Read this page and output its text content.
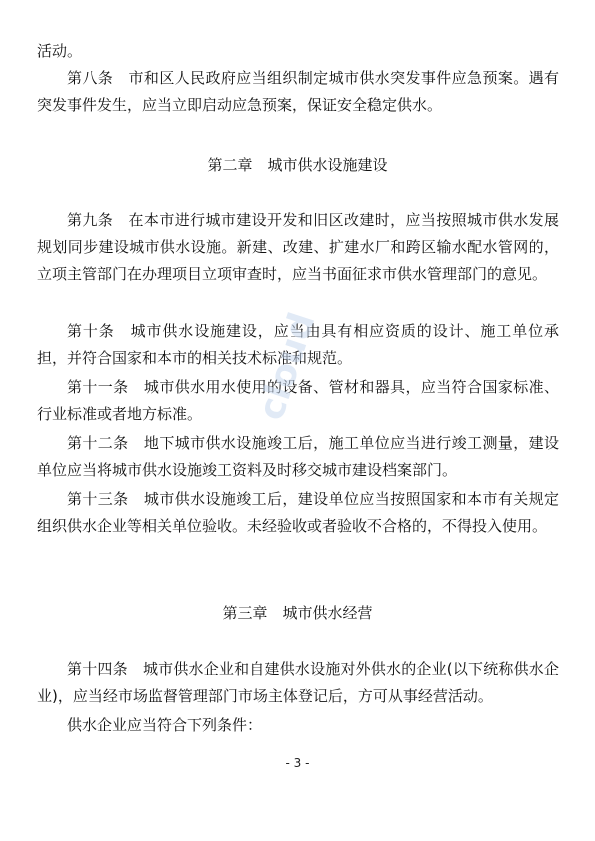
活动。

第八条　市和区人民政府应当组织制定城市供水突发事件应急预案。遇有突发事件发生，应当立即启动应急预案，保证安全稳定供水。

第二章　城市供水设施建设

第九条　在本市进行城市建设开发和旧区改建时，应当按照城市供水发展规划同步建设城市供水设施。新建、改建、扩建水厂和跨区输水配水管网的，立项主管部门在办理项目立项审查时，应当书面征求市供水管理部门的意见。

第十条　城市供水设施建设，应当由具有相应资质的设计、施工单位承担，并符合国家和本市的相关技术标准和规范。

第十一条　城市供水用水使用的设备、管材和器具，应当符合国家标准、行业标准或者地方标准。

第十二条　地下城市供水设施竣工后，施工单位应当进行竣工测量，建设单位应当将城市供水设施竣工资料及时移交城市建设档案部门。

第十三条　城市供水设施竣工后，建设单位应当按照国家和本市有关规定组织供水企业等相关单位验收。未经验收或者验收不合格的，不得投入使用。

第三章　城市供水经营

第十四条　城市供水企业和自建供水设施对外供水的企业(以下统称供水企业)，应当经市场监督管理部门市场主体登记后，方可从事经营活动。

供水企业应当符合下列条件：

- 3 -
cloud
